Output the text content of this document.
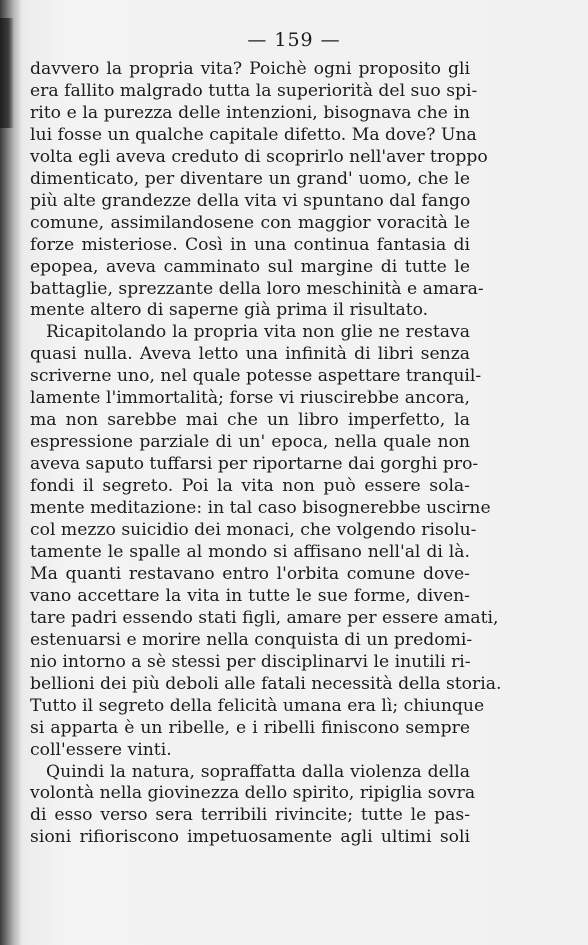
— 159 —
davvero la propria vita? Poichè ogni proposito gli
era fallito malgrado tutta la superiorità del suo spi-
rito e la purezza delle intenzioni, bisognava che in
lui fosse un qualche capitale difetto. Ma dove? Una
volta egli aveva creduto di scoprirlo nell'aver troppo
dimenticato, per diventare un grand' uomo, che le
più alte grandezze della vita vi spuntano dal fango
comune, assimilandosene con maggior voracità le
forze misteriose. Così in una continua fantasia di
epopea, aveva camminato sul margine di tutte le
battaglie, sprezzante della loro meschinità e amara-
mente altero di saperne già prima il risultato.
Ricapitolando la propria vita non glie ne restava
quasi nulla. Aveva letto una infinità di libri senza
scriverne uno, nel quale potesse aspettare tranquil-
lamente l'immortalità; forse vi riuscirebbe ancora,
ma non sarebbe mai che un libro imperfetto, la
espressione parziale di un' epoca, nella quale non
aveva saputo tuffarsi per riportarne dai gorghi pro-
fondi il segreto. Poi la vita non può essere sola-
mente meditazione: in tal caso bisognerebbe uscirne
col mezzo suicidio dei monaci, che volgendo risolu-
tamente le spalle al mondo si affisano nell'al di là.
Ma quanti restavano entro l'orbita comune dove-
vano accettare la vita in tutte le sue forme, diven-
tare padri essendo stati figli, amare per essere amati,
estenuarsi e morire nella conquista di un predomi-
nio intorno a sè stessi per disciplinarvi le inutili ri-
bellioni dei più deboli alle fatali necessità della storia.
Tutto il segreto della felicità umana era lì; chiunque
si apparta è un ribelle, e i ribelli finiscono sempre
coll'essere vinti.
Quindi la natura, sopraffatta dalla violenza della
volontà nella giovinezza dello spirito, ripiglia sovra
di esso verso sera terribili rivincite; tutte le pas-
sioni rifioriscono impetuosamente agli ultimi soli
